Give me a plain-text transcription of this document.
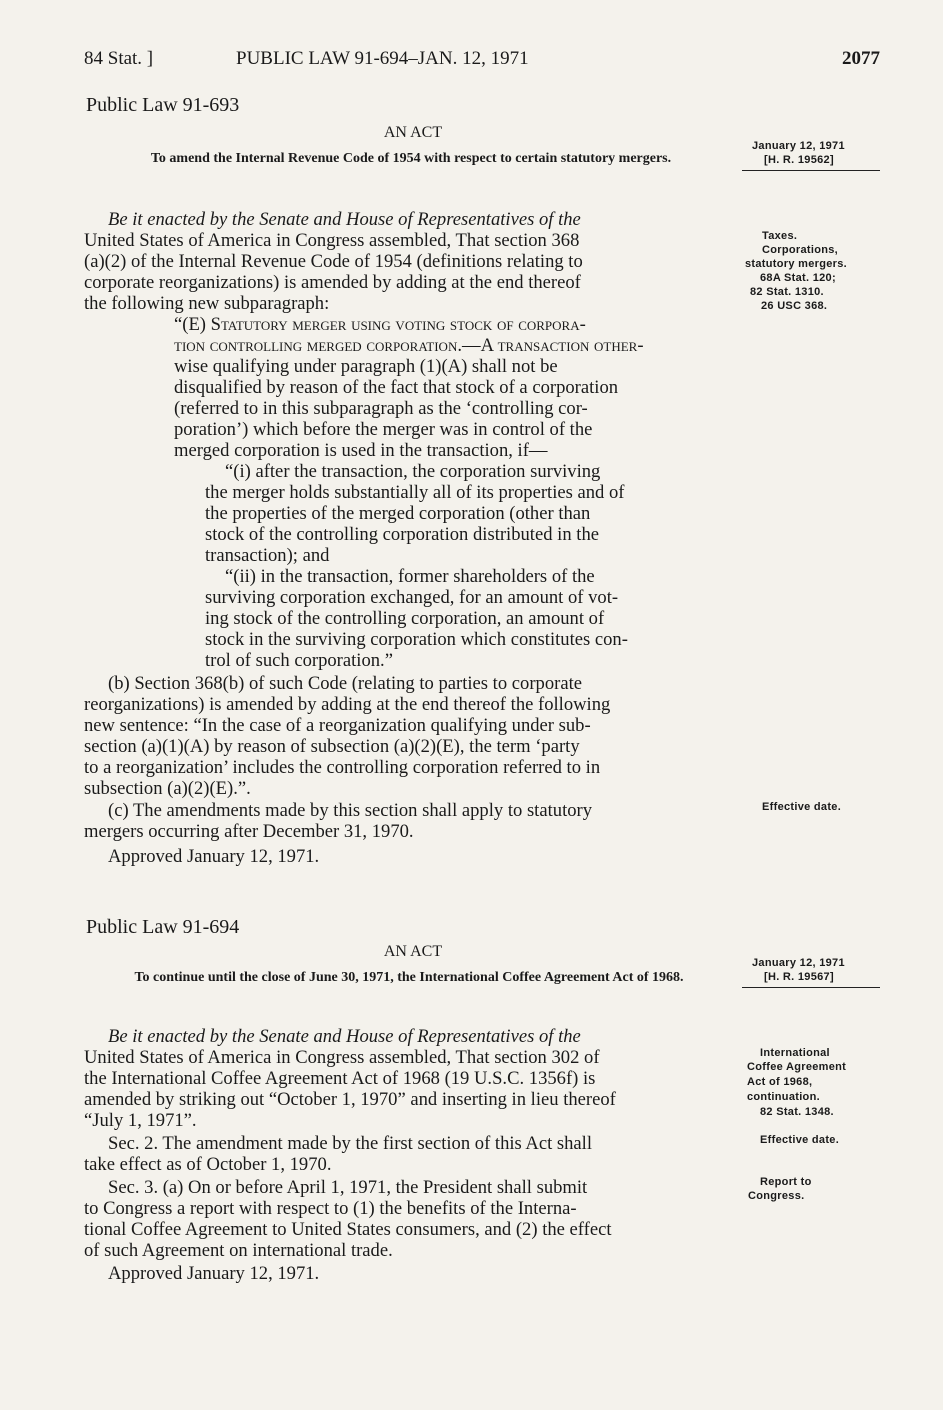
84 Stat. ]	PUBLIC LAW 91-694–JAN. 12, 1971	2077
Public Law 91-693
AN ACT
To amend the Internal Revenue Code of 1954 with respect to certain statutory mergers.
January 12, 1971
[H. R. 19562]
Taxes.
Corporations,
statutory mergers.
68A Stat. 120;
82 Stat. 1310.
26 USC 368.
Be it enacted by the Senate and House of Representatives of the
United States of America in Congress assembled, That section 368
(a)(2) of the Internal Revenue Code of 1954 (definitions relating to
corporate reorganizations) is amended by adding at the end thereof
the following new subparagraph:
“(E) Statutory merger using voting stock of corpora-
tion controlling merged corporation.—A transaction other-
wise qualifying under paragraph (1)(A) shall not be
disqualified by reason of the fact that stock of a corporation
(referred to in this subparagraph as the ‘controlling cor-
poration’) which before the merger was in control of the
merged corporation is used in the transaction, if—
“(i) after the transaction, the corporation surviving
the merger holds substantially all of its properties and of
the properties of the merged corporation (other than
stock of the controlling corporation distributed in the
transaction); and
“(ii) in the transaction, former shareholders of the
surviving corporation exchanged, for an amount of vot-
ing stock of the controlling corporation, an amount of
stock in the surviving corporation which constitutes con-
trol of such corporation.”
(b) Section 368(b) of such Code (relating to parties to corporate
reorganizations) is amended by adding at the end thereof the following
new sentence: “In the case of a reorganization qualifying under sub-
section (a)(1)(A) by reason of subsection (a)(2)(E), the term ‘party
to a reorganization’ includes the controlling corporation referred to in
subsection (a)(2)(E).”.
(c) The amendments made by this section shall apply to statutory
mergers occurring after December 31, 1970.
Approved January 12, 1971.
Effective date.
Public Law 91-694
AN ACT
To continue until the close of June 30, 1971, the International Coffee Agreement Act of 1968.
January 12, 1971
[H. R. 19567]
International
Coffee Agreement
Act of 1968,
continuation.
82 Stat. 1348.
Be it enacted by the Senate and House of Representatives of the
United States of America in Congress assembled, That section 302 of
the International Coffee Agreement Act of 1968 (19 U.S.C. 1356f) is
amended by striking out “October 1, 1970” and inserting in lieu thereof
“July 1, 1971”.
Sec. 2. The amendment made by the first section of this Act shall
take effect as of October 1, 1970.
Sec. 3. (a) On or before April 1, 1971, the President shall submit
to Congress a report with respect to (1) the benefits of the Interna-
tional Coffee Agreement to United States consumers, and (2) the effect
of such Agreement on international trade.
Approved January 12, 1971.
Effective date.
Report to
Congress.
